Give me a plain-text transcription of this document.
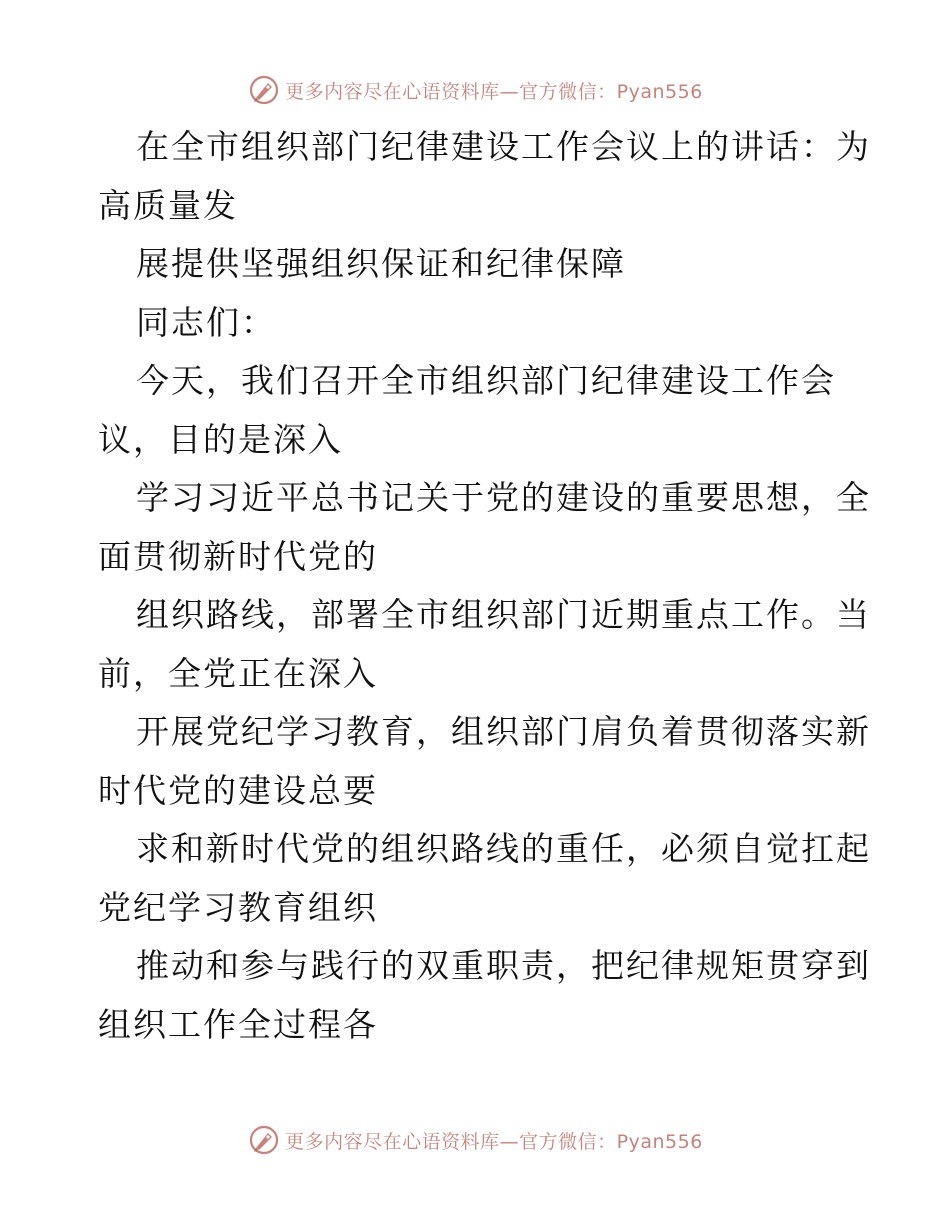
更多内容尽在心语资料库—官方微信：Pyan556
在全市组织部门纪律建设工作会议上的讲话：为
高质量发
展提供坚强组织保证和纪律保障
同志们：
今天，我们召开全市组织部门纪律建设工作会
议，目的是深入
学习习近平总书记关于党的建设的重要思想，全
面贯彻新时代党的
组织路线，部署全市组织部门近期重点工作。当
前，全党正在深入
开展党纪学习教育，组织部门肩负着贯彻落实新
时代党的建设总要
求和新时代党的组织路线的重任，必须自觉扛起
党纪学习教育组织
推动和参与践行的双重职责，把纪律规矩贯穿到
组织工作全过程各
更多内容尽在心语资料库—官方微信：Pyan556
